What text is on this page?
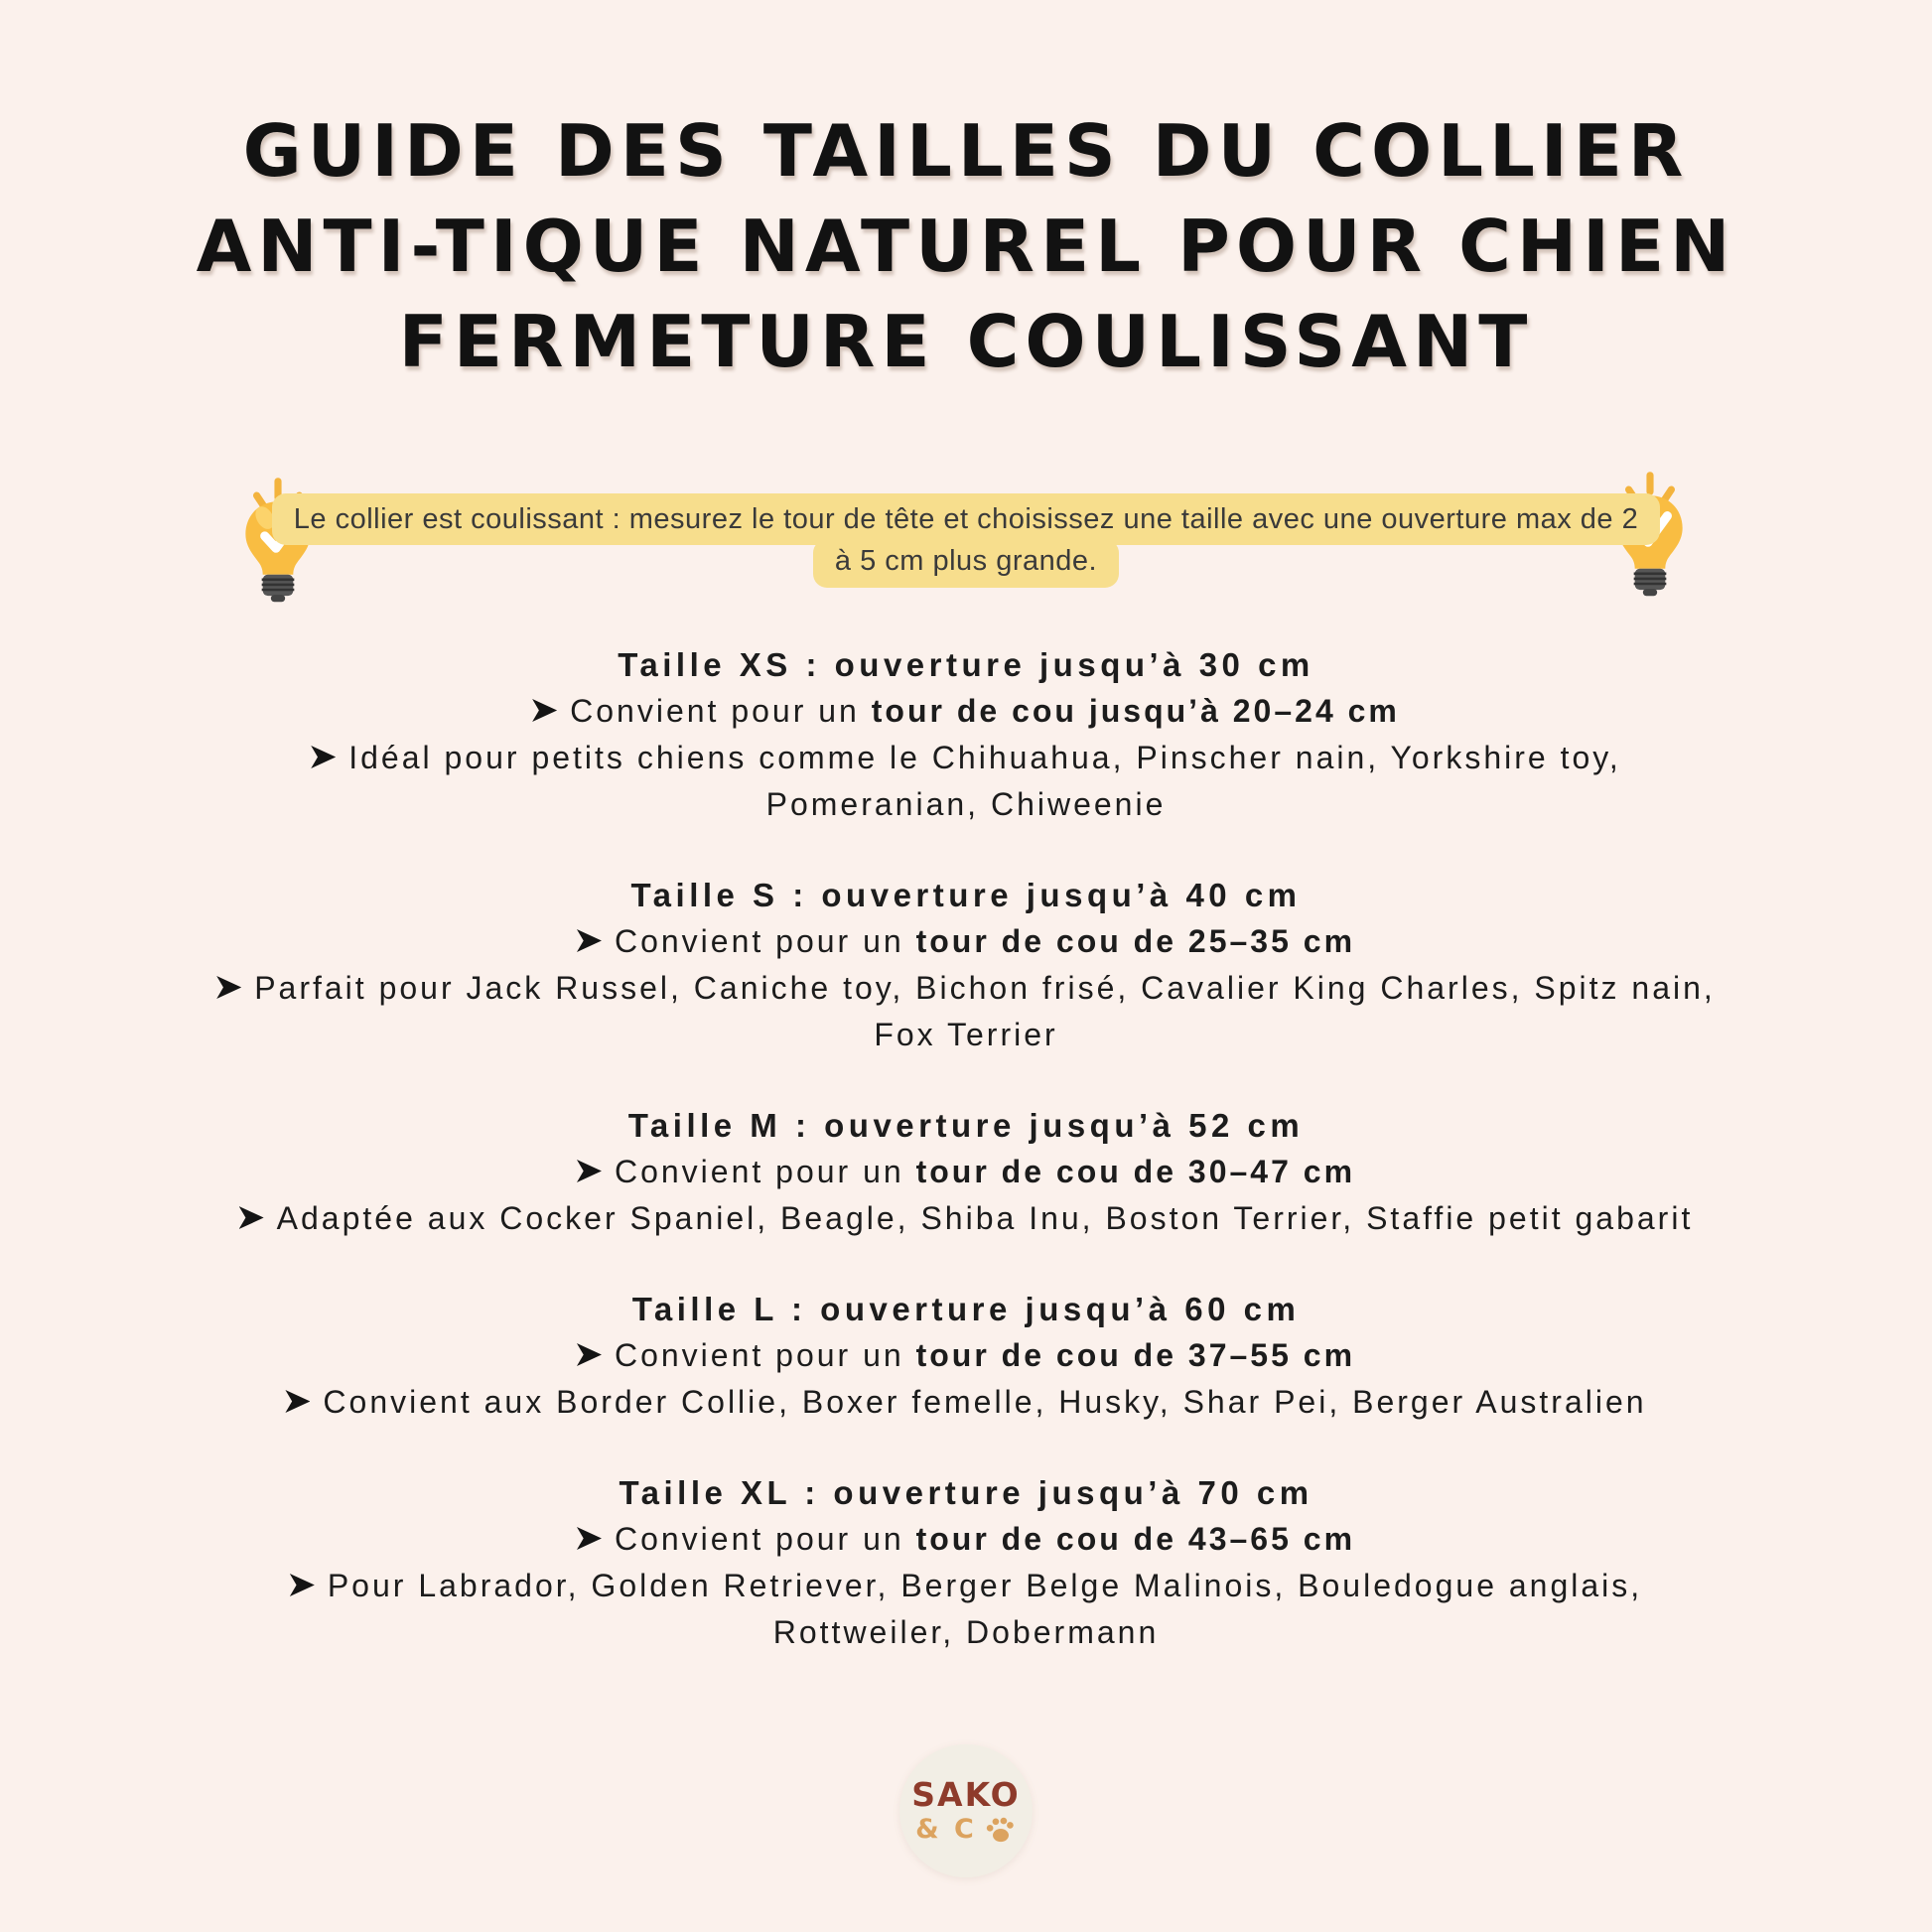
GUIDE DES TAILLES DU COLLIER
ANTI-TIQUE NATUREL POUR CHIEN
FERMETURE COULISSANT
Le collier est coulissant : mesurez le tour de tête et choisissez une taille avec une ouverture max de 2
à 5 cm plus grande.
Taille XS : ouverture jusqu’à 30 cm
Convient pour un tour de cou jusqu’à 20–24 cm
Idéal pour petits chiens comme le Chihuahua, Pinscher nain, Yorkshire toy,
Pomeranian, Chiweenie
Taille S : ouverture jusqu’à 40 cm
Convient pour un tour de cou de 25–35 cm
Parfait pour Jack Russel, Caniche toy, Bichon frisé, Cavalier King Charles, Spitz nain,
Fox Terrier
Taille M : ouverture jusqu’à 52 cm
Convient pour un tour de cou de 30–47 cm
Adaptée aux Cocker Spaniel, Beagle, Shiba Inu, Boston Terrier, Staffie petit gabarit
Taille L : ouverture jusqu’à 60 cm
Convient pour un tour de cou de 37–55 cm
Convient aux Border Collie, Boxer femelle, Husky, Shar Pei, Berger Australien
Taille XL : ouverture jusqu’à 70 cm
Convient pour un tour de cou de 43–65 cm
Pour Labrador, Golden Retriever, Berger Belge Malinois, Bouledogue anglais,
Rottweiler, Dobermann
SAKO
& C
